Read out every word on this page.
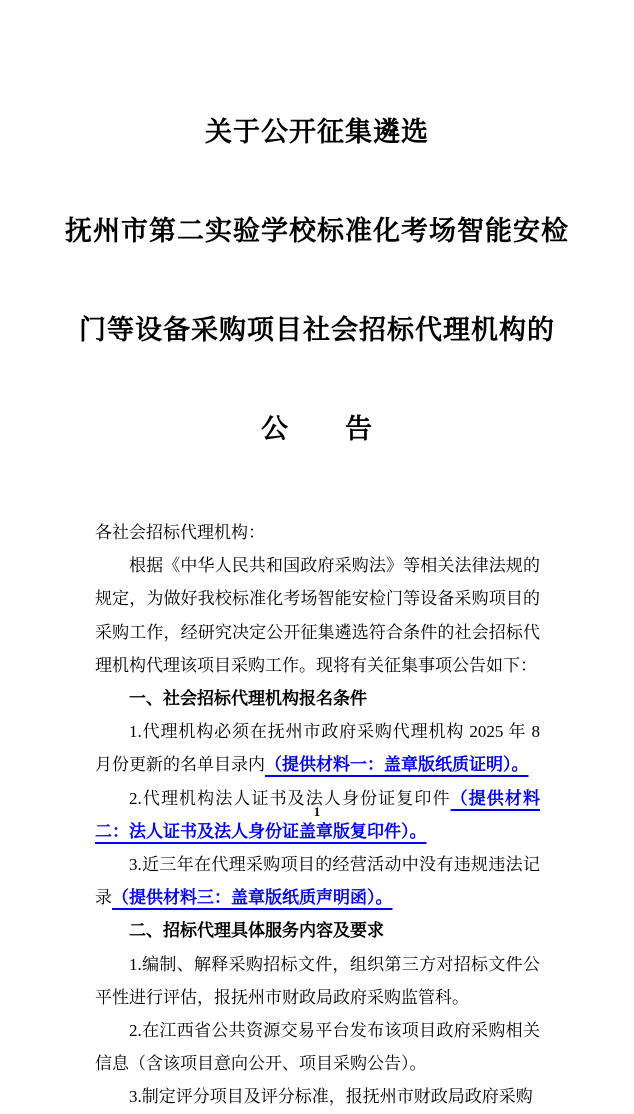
关于公开征集遴选

抚州市第二实验学校标准化考场智能安检

门等设备采购项目社会招标代理机构的

公　　告

各社会招标代理机构：

根据《中华人民共和国政府采购法》等相关法律法规的规定，为做好我校标准化考场智能安检门等设备采购项目的采购工作，经研究决定公开征集遴选符合条件的社会招标代理机构代理该项目采购工作。现将有关征集事项公告如下：

一、社会招标代理机构报名条件

1.代理机构必须在抚州市政府采购代理机构 2025 年 8 月份更新的名单目录内（提供材料一：盖章版纸质证明）。

2.代理机构法人证书及法人身份证复印件（提供材料二：法人证书及法人身份证盖章版复印件）。

3.近三年在代理采购项目的经营活动中没有违规违法记录（提供材料三：盖章版纸质声明函）。

二、招标代理具体服务内容及要求

1.编制、解释采购招标文件，组织第三方对招标文件公平性进行评估，报抚州市财政局政府采购监管科。

2.在江西省公共资源交易平台发布该项目政府采购相关信息（含该项目意向公开、项目采购公告）。

3.制定评分项目及评分标准，报抚州市财政局政府采购

1
